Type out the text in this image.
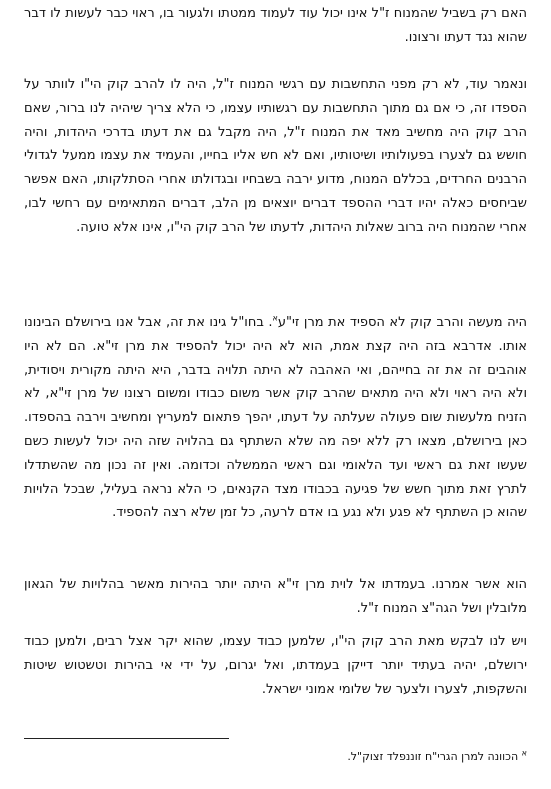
האם רק בשביל שהמנוח ז"ל אינו יכול עוד לעמוד ממטתו ולגעור בו, ראוי כבר לעשות לו דבר שהוא נגד דעתו ורצונו.

ונאמר עוד, לא רק מפני התחשבות עם רגשי המנוח ז"ל, היה לו להרב קוק הי"ו לוותר על הספדו זה, כי אם גם מתוך התחשבות עם רגשותיו עצמו, כי הלא צריך שיהיה לנו ברור, שאם הרב קוק היה מחשיב מאד את המנוח ז"ל, היה מקבל גם את דעתו בדרכי היהדות, והיה חושש גם לצערו בפעולותיו ושיטותיו, ואם לא חש אליו בחייו, והעמיד את עצמו ממעל לגדולי הרבנים החרדים, בכללם המנוח, מדוע ירבה בשבחיו ובגדולתו אחרי הסתלקותו, האם אפשר שביחסים כאלה יהיו דברי ההספד דברים יוצאים מן הלב, דברים המתאימים עם רחשי לבו, אחרי שהמנוח היה ברוב שאלות היהדות, לדעתו של הרב קוק הי"ו, אינו אלא טועה.

היה מעשה והרב קוק לא הספיד את מרן זי"ע$^א$. בחו"ל גינו את זה, אבל אנו בירושלם הבינונו אותו. אדרבא בזה היה קצת אמת, הוא לא היה יכול להספיד את מרן זי"א. הם לא היו אוהבים זה את זה בחייהם, ואי האהבה לא היתה תלויה בדבר, היא היתה מקורית ויסודית, ולא היה ראוי ולא היה מתאים שהרב קוק אשר משום כבודו ומשום רצונו של מרן זי"א, לא הזניח מלעשות שום פעולה שעלתה על דעתו, יהפך פתאום למעריץ ומחשיב וירבה בהספדו. כאן בירושלם, מצאו רק ללא יפה מה שלא השתתף גם בהלויה שזה היה יכול לעשות כשם שעשו זאת גם ראשי ועד הלאומי וגם ראשי הממשלה וכדומה. ואין זה נכון מה שהשתדלו לתרץ זאת מתוך חשש של פגיעה בכבודו מצד הקנאים, כי הלא נראה בעליל, שבכל הלויות שהוא כן השתתף לא פגע ולא נגע בו אדם לרעה, כל זמן שלא רצה להספיד.

הוא אשר אמרנו. בעמדתו אל לוית מרן זי"א היתה יותר בהירות מאשר בהלויות של הגאון מלובלין ושל הגה"צ המנוח ז"ל.

ויש לנו לבקש מאת הרב קוק הי"ו, שלמען כבוד עצמו, שהוא יקר אצל רבים, ולמען כבוד ירושלם, יהיה בעתיד יותר דייקן בעמדתו, ואל יגרום, על ידי אי בהירות וטשטוש שיטות והשקפות, לצערו ולצער של שלומי אמוני ישראל.

$^א$ הכוונה למרן הגרי"ח זוננפלד זצוק"ל.
